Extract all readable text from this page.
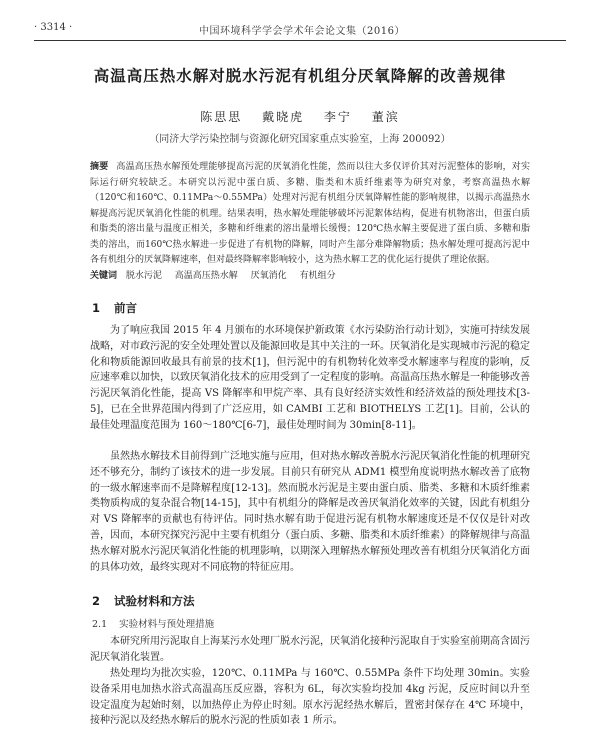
· 3314 ·	中国环境科学学会学术年会论文集（2016）
高温高压热水解对脱水污泥有机组分厌氧降解的改善规律
陈思思 戴晓虎 李宁 董滨
（同济大学污染控制与资源化研究国家重点实验室，上海 200092）
摘要 高温高压热水解预处理能够提高污泥的厌氧消化性能，然而以往大多仅评价其对污泥整体的影响，对实际运行研究较缺乏。本研究以污泥中蛋白质、多糖、脂类和木质纤维素等为研究对象，考察高温热水解（120℃和160℃、0.11MPa～0.55MPa）处理对污泥有机组分厌氧降解性能的影响规律，以揭示高温热水解提高污泥厌氧消化性能的机理。结果表明，热水解处理能够破坏污泥絮体结构，促进有机物溶出，但蛋白质和脂类的溶出量与温度正相关，多糖和纤维素的溶出量增长缓慢；120℃热水解主要促进了蛋白质、多糖和脂类的溶出，而160℃热水解进一步促进了有机物的降解，同时产生部分难降解物质；热水解处理可提高污泥中各有机组分的厌氧降解速率，但对最终降解率影响较小，这为热水解工艺的优化运行提供了理论依据。
关键词 脱水污泥 高温高压热水解 厌氧消化 有机组分
1 前言
为了响应我国 2015 年 4 月颁布的水环境保护新政策《水污染防治行动计划》，实施可持续发展战略，对市政污泥的安全处理处置以及能源回收是其中关注的一环。厌氧消化是实现城市污泥的稳定化和物质能源回收最具有前景的技术[1]，但污泥中的有机物转化效率受水解速率与程度的影响，反应速率难以加快，以致厌氧消化技术的应用受到了一定程度的影响。高温高压热水解是一种能够改善污泥厌氧消化性能，提高 VS 降解率和甲烷产率、具有良好经济实效性和经济效益的预处理技术[3-5]，已在全世界范围内得到了广泛应用，如 CAMBI 工艺和 BIOTHELYS 工艺[1]。目前，公认的最佳处理温度范围为 160～180℃[6-7]，最佳处理时间为 30min[8-11]。
虽然热水解技术目前得到广泛地实施与应用，但对热水解改善脱水污泥厌氧消化性能的机理研究还不够充分，制约了该技术的进一步发展。目前只有研究从 ADM1 模型角度说明热水解改善了底物的一级水解速率而不是降解程度[12-13]。然而脱水污泥是主要由蛋白质、脂类、多糖和木质纤维素类物质构成的复杂混合物[14-15]，其中有机组分的降解是改善厌氧消化效率的关键，因此有机组分对 VS 降解率的贡献也有待评估。同时热水解有助于促进污泥有机物水解速度还是不仅仅是针对改善，因而，本研究探究污泥中主要有机组分（蛋白质、多糖、脂类和木质纤维素）的降解规律与高温热水解对脱水污泥厌氧消化性能的机理影响，以期深入理解热水解预处理改善有机组分厌氧消化方面的具体功效，最终实现对不同底物的特征应用。
2 试验材料和方法
2.1 实验材料与预处理措施
本研究所用污泥取自上海某污水处理厂脱水污泥，厌氧消化接种污泥取自于实验室前期高含固污泥厌氧消化装置。
热处理均为批次实验，120℃、0.11MPa 与 160℃、0.55MPa 条件下均处理 30min。实验设备采用电加热水浴式高温高压反应器，容积为 6L，每次实验均投加 4kg 污泥，反应时间以升至设定温度为起始时刻，以加热停止为停止时刻。原水污泥经热水解后，置密封保存在 4℃ 环境中，接种污泥以及经热水解后的脱水污泥的性质如表 1 所示。
